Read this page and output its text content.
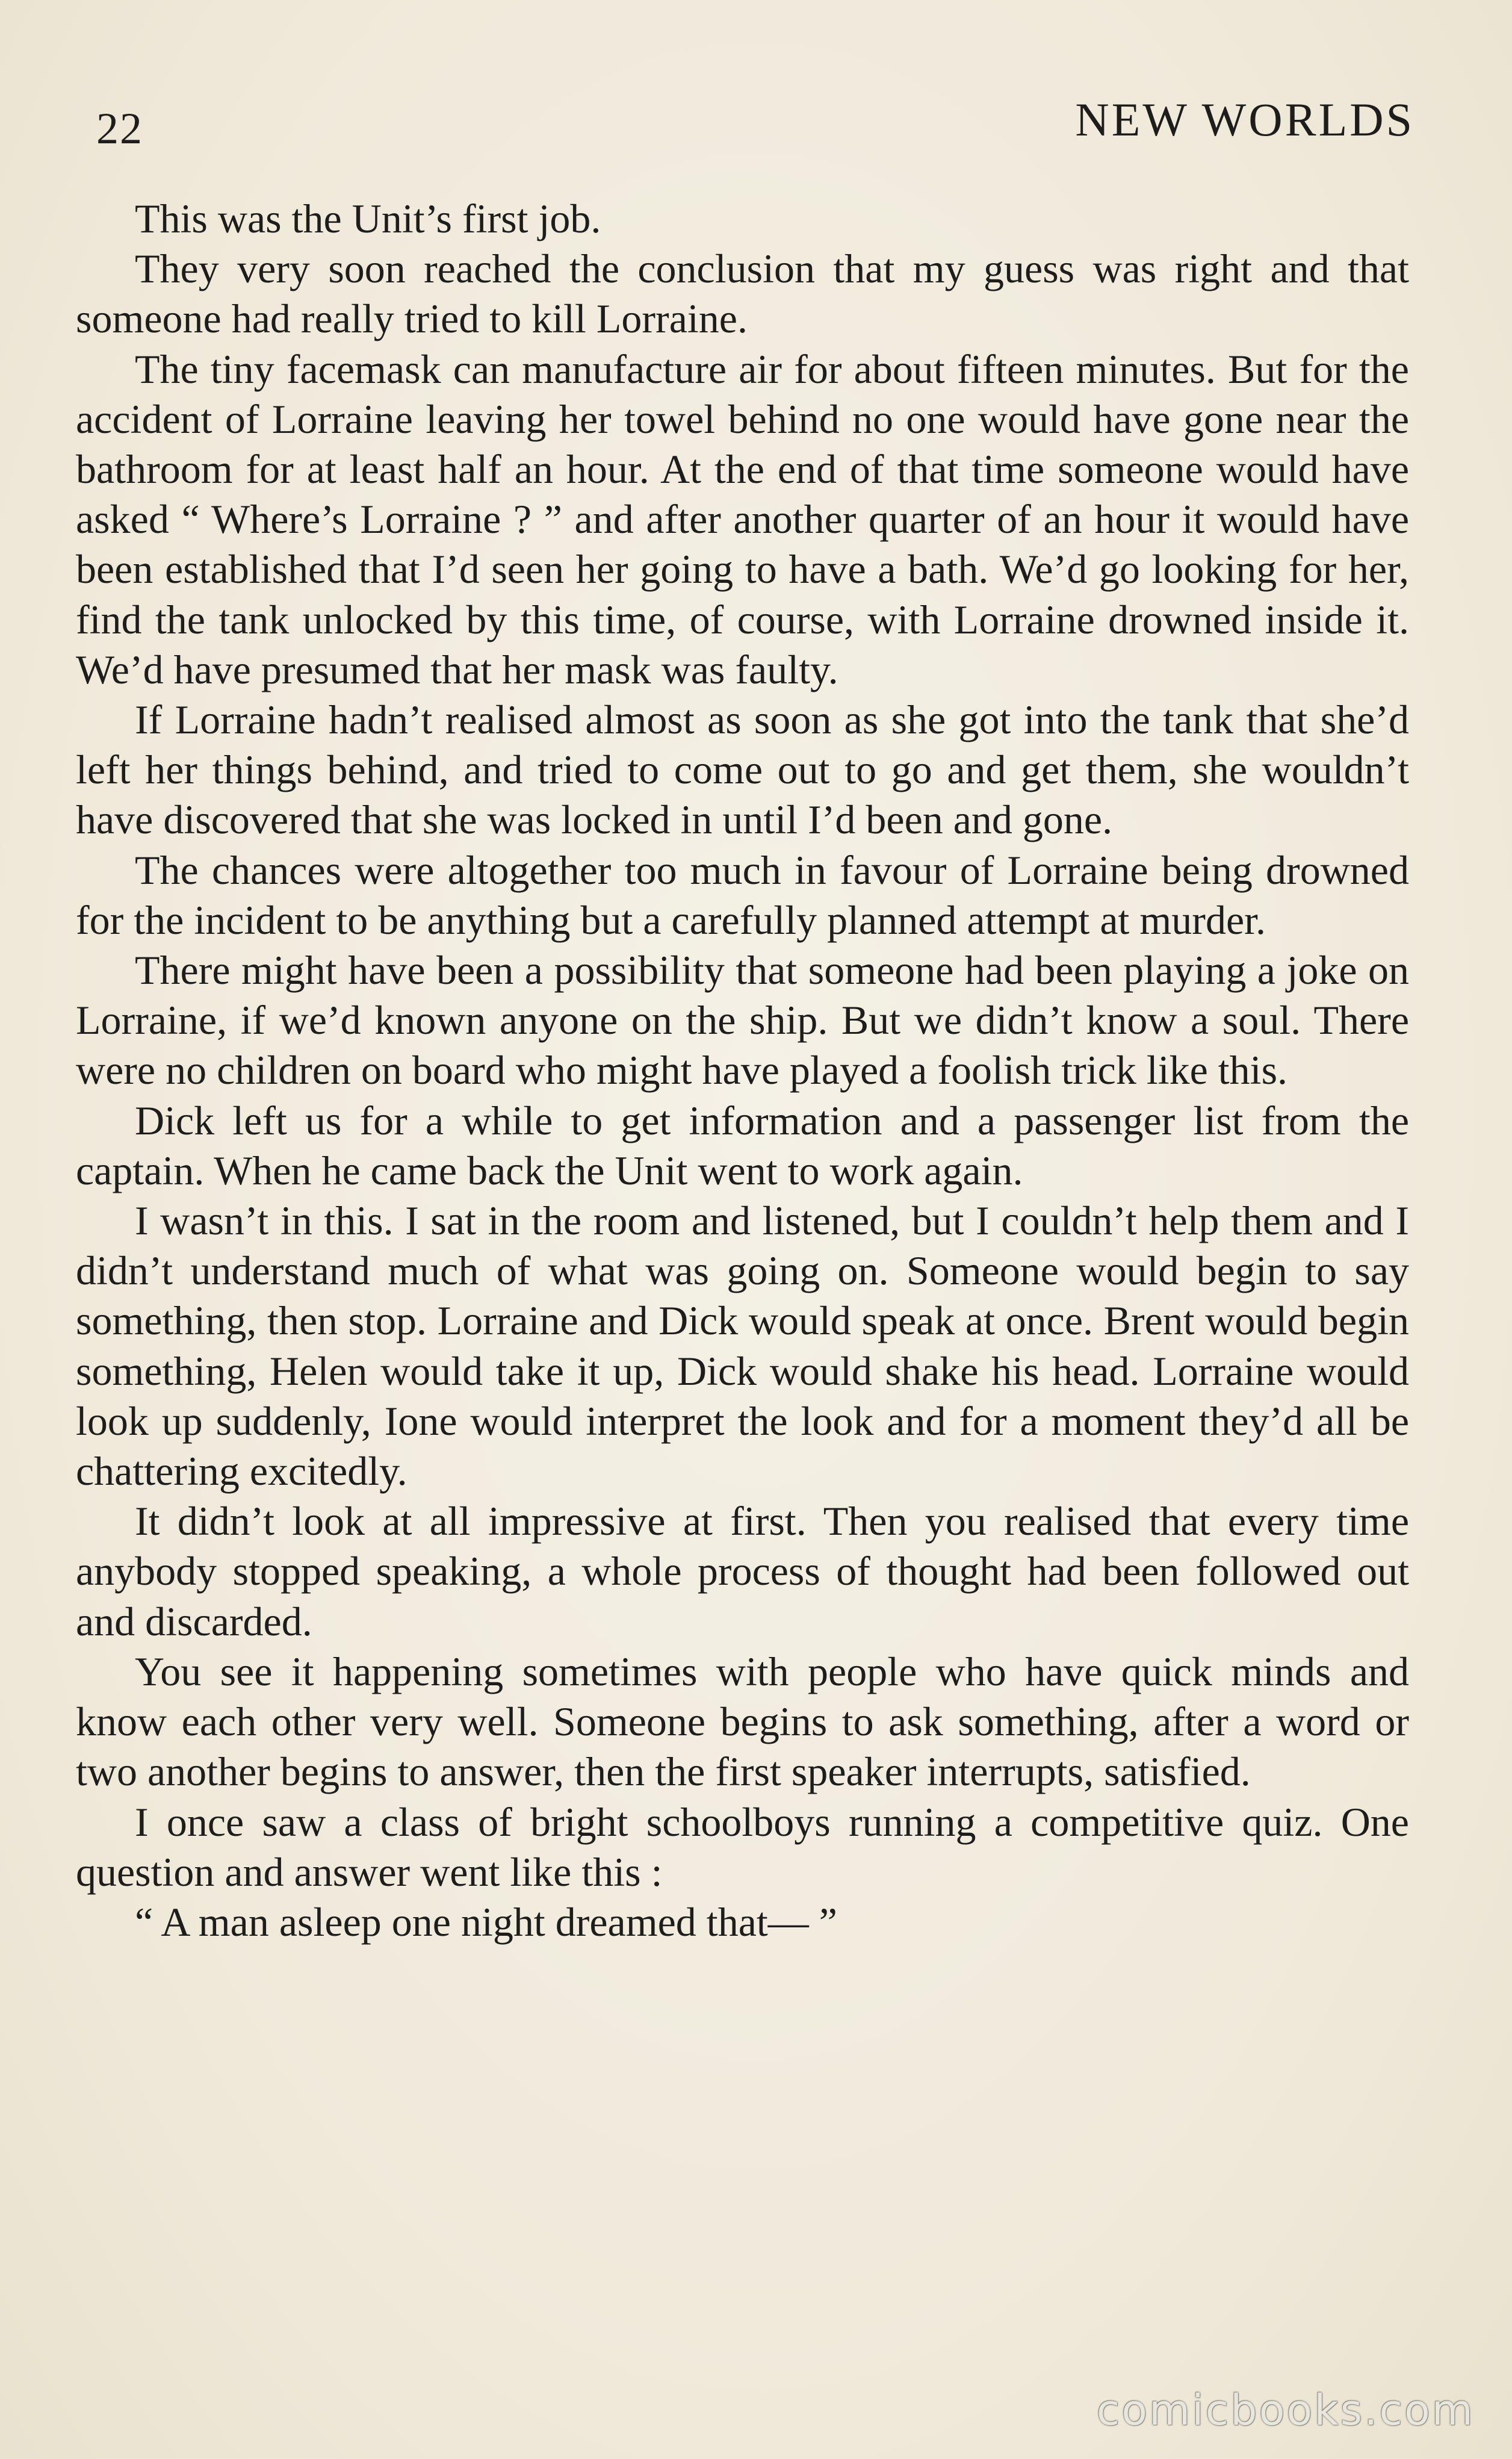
22	NEW WORLDS

This was the Unit’s first job.

They very soon reached the conclusion that my guess was right and that someone had really tried to kill Lorraine.

The tiny facemask can manufacture air for about fifteen minutes. But for the accident of Lorraine leaving her towel behind no one would have gone near the bathroom for at least half an hour. At the end of that time someone would have asked “ Where’s Lorraine ? ” and after another quarter of an hour it would have been established that I’d seen her going to have a bath. We’d go looking for her, find the tank unlocked by this time, of course, with Lorraine drowned inside it. We’d have presumed that her mask was faulty.

If Lorraine hadn’t realised almost as soon as she got into the tank that she’d left her things behind, and tried to come out to go and get them, she wouldn’t have discovered that she was locked in until I’d been and gone.

The chances were altogether too much in favour of Lorraine being drowned for the incident to be anything but a carefully planned attempt at murder.

There might have been a possibility that someone had been playing a joke on Lorraine, if we’d known anyone on the ship. But we didn’t know a soul. There were no children on board who might have played a foolish trick like this.

Dick left us for a while to get information and a passenger list from the captain. When he came back the Unit went to work again.

I wasn’t in this. I sat in the room and listened, but I couldn’t help them and I didn’t understand much of what was going on. Someone would begin to say something, then stop. Lorraine and Dick would speak at once. Brent would begin something, Helen would take it up, Dick would shake his head. Lorraine would look up suddenly, Ione would interpret the look and for a moment they’d all be chattering excitedly.

It didn’t look at all impressive at first. Then you realised that every time anybody stopped speaking, a whole process of thought had been followed out and discarded.

You see it happening sometimes with people who have quick minds and know each other very well. Someone begins to ask something, after a word or two another begins to answer, then the first speaker interrupts, satisfied.

I once saw a class of bright schoolboys running a competitive quiz. One question and answer went like this :

“ A man asleep one night dreamed that— ”

comicbooks.com
